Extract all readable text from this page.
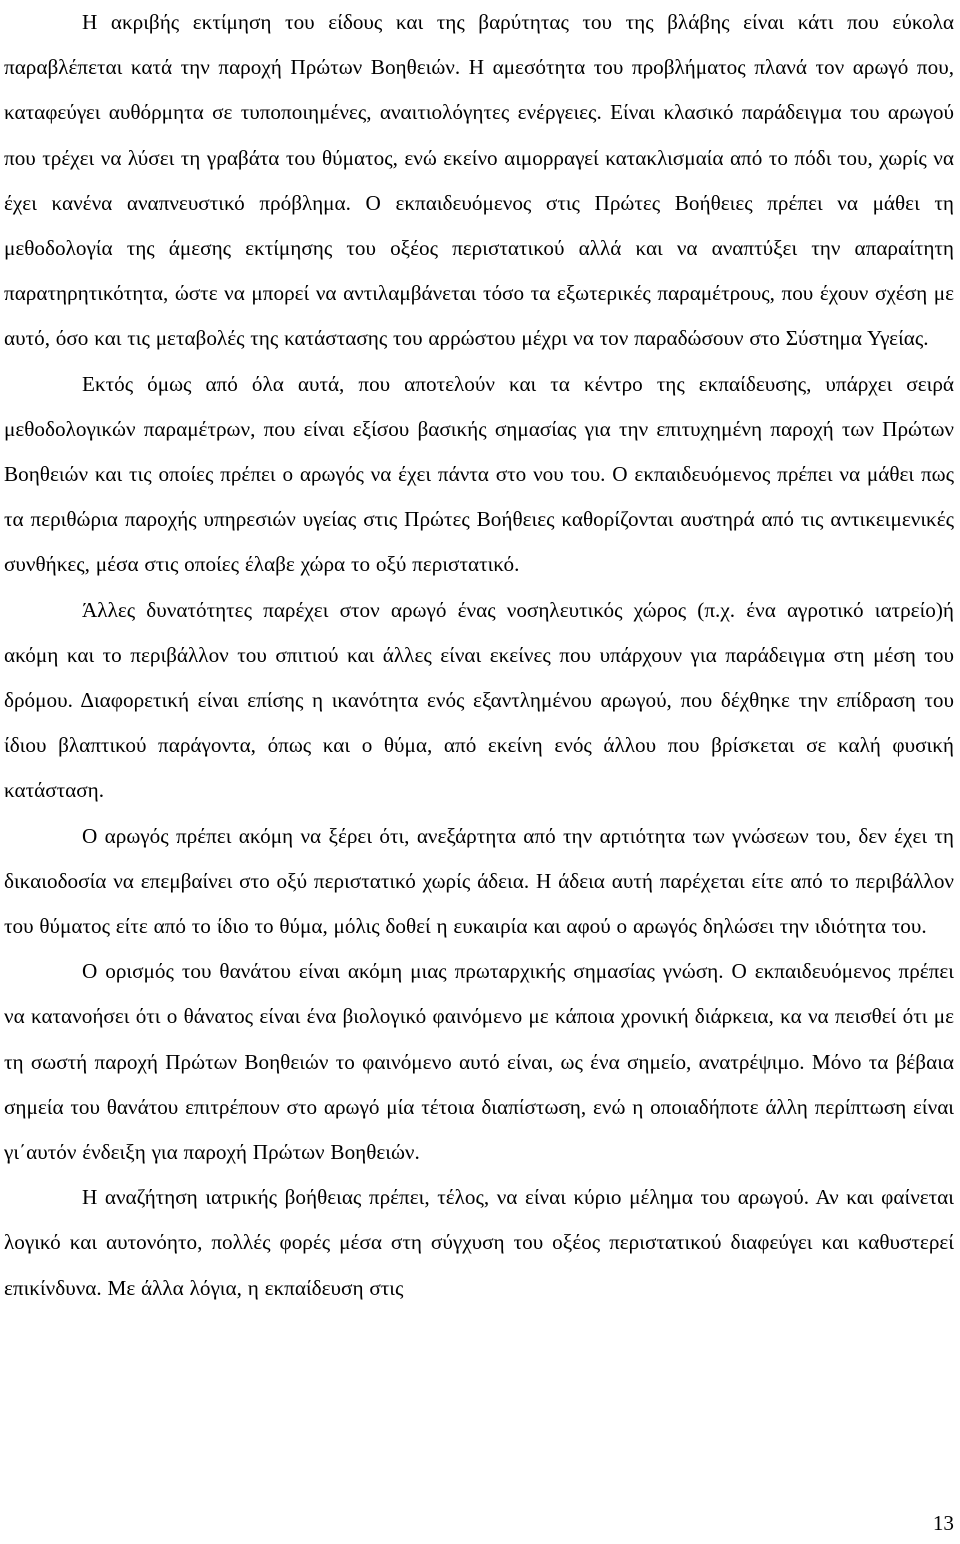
Η ακριβής εκτίμηση του είδους και της βαρύτητας του της βλάβης είναι κάτι που εύκολα παραβλέπεται κατά την παροχή Πρώτων Βοηθειών. Η αμεσότητα του προβλήματος πλανά τον αρωγό που, καταφεύγει αυθόρμητα σε τυποποιημένες, αναιτιολόγητες ενέργειες. Είναι κλασικό παράδειγμα του αρωγού που τρέχει να λύσει τη γραβάτα του θύματος, ενώ εκείνο αιμορραγεί κατακλισμαία από το πόδι του, χωρίς να έχει κανένα αναπνευστικό πρόβλημα. Ο εκπαιδευόμενος στις Πρώτες Βοήθειες πρέπει να μάθει τη μεθοδολογία της άμεσης εκτίμησης του οξέος περιστατικού αλλά και να αναπτύξει την απαραίτητη παρατηρητικότητα, ώστε να μπορεί να αντιλαμβάνεται τόσο τα εξωτερικές παραμέτρους, που έχουν σχέση με αυτό, όσο και τις μεταβολές της κατάστασης του αρρώστου μέχρι να τον παραδώσουν στο Σύστημα Υγείας.

Εκτός όμως από όλα αυτά, που αποτελούν και τα κέντρο της εκπαίδευσης, υπάρχει σειρά μεθοδολογικών παραμέτρων, που είναι εξίσου βασικής σημασίας για την επιτυχημένη παροχή των Πρώτων Βοηθειών και τις οποίες πρέπει ο αρωγός να έχει πάντα στο νου του. Ο εκπαιδευόμενος πρέπει να μάθει πως τα περιθώρια παροχής υπηρεσιών υγείας στις Πρώτες Βοήθειες καθορίζονται αυστηρά από τις αντικειμενικές συνθήκες, μέσα στις οποίες έλαβε χώρα το οξύ περιστατικό.

Άλλες δυνατότητες παρέχει στον αρωγό ένας νοσηλευτικός χώρος (π.χ. ένα αγροτικό ιατρείο)ή ακόμη και το περιβάλλον του σπιτιού και άλλες είναι εκείνες που υπάρχουν για παράδειγμα στη μέση του δρόμου. Διαφορετική είναι επίσης η ικανότητα ενός εξαντλημένου αρωγού, που δέχθηκε την επίδραση του ίδιου βλαπτικού παράγοντα, όπως και ο θύμα, από εκείνη ενός άλλου που βρίσκεται σε καλή φυσική κατάσταση.

Ο αρωγός πρέπει ακόμη να ξέρει ότι, ανεξάρτητα από την αρτιότητα των γνώσεων του, δεν έχει τη δικαιοδοσία να επεμβαίνει στο οξύ περιστατικό χωρίς άδεια. Η άδεια αυτή παρέχεται είτε από το περιβάλλον του θύματος είτε από το ίδιο το θύμα, μόλις δοθεί η ευκαιρία και αφού ο αρωγός δηλώσει την ιδιότητα του.

Ο ορισμός του θανάτου είναι ακόμη μιας πρωταρχικής σημασίας γνώση. Ο εκπαιδευόμενος πρέπει να κατανοήσει ότι ο θάνατος είναι ένα βιολογικό φαινόμενο με κάποια χρονική διάρκεια, κα να πεισθεί ότι με τη σωστή παροχή Πρώτων Βοηθειών το φαινόμενο αυτό είναι, ως ένα σημείο, ανατρέψιμο. Μόνο τα βέβαια σημεία του θανάτου επιτρέπουν στο αρωγό μία τέτοια διαπίστωση, ενώ η οποιαδήποτε άλλη περίπτωση είναι γι΄αυτόν ένδειξη για παροχή Πρώτων Βοηθειών.

Η αναζήτηση ιατρικής βοήθειας πρέπει, τέλος, να είναι κύριο μέλημα του αρωγού. Αν και φαίνεται λογικό και αυτονόητο, πολλές φορές μέσα στη σύγχυση του οξέος περιστατικού διαφεύγει και καθυστερεί επικίνδυνα. Με άλλα λόγια, η εκπαίδευση στις

13
